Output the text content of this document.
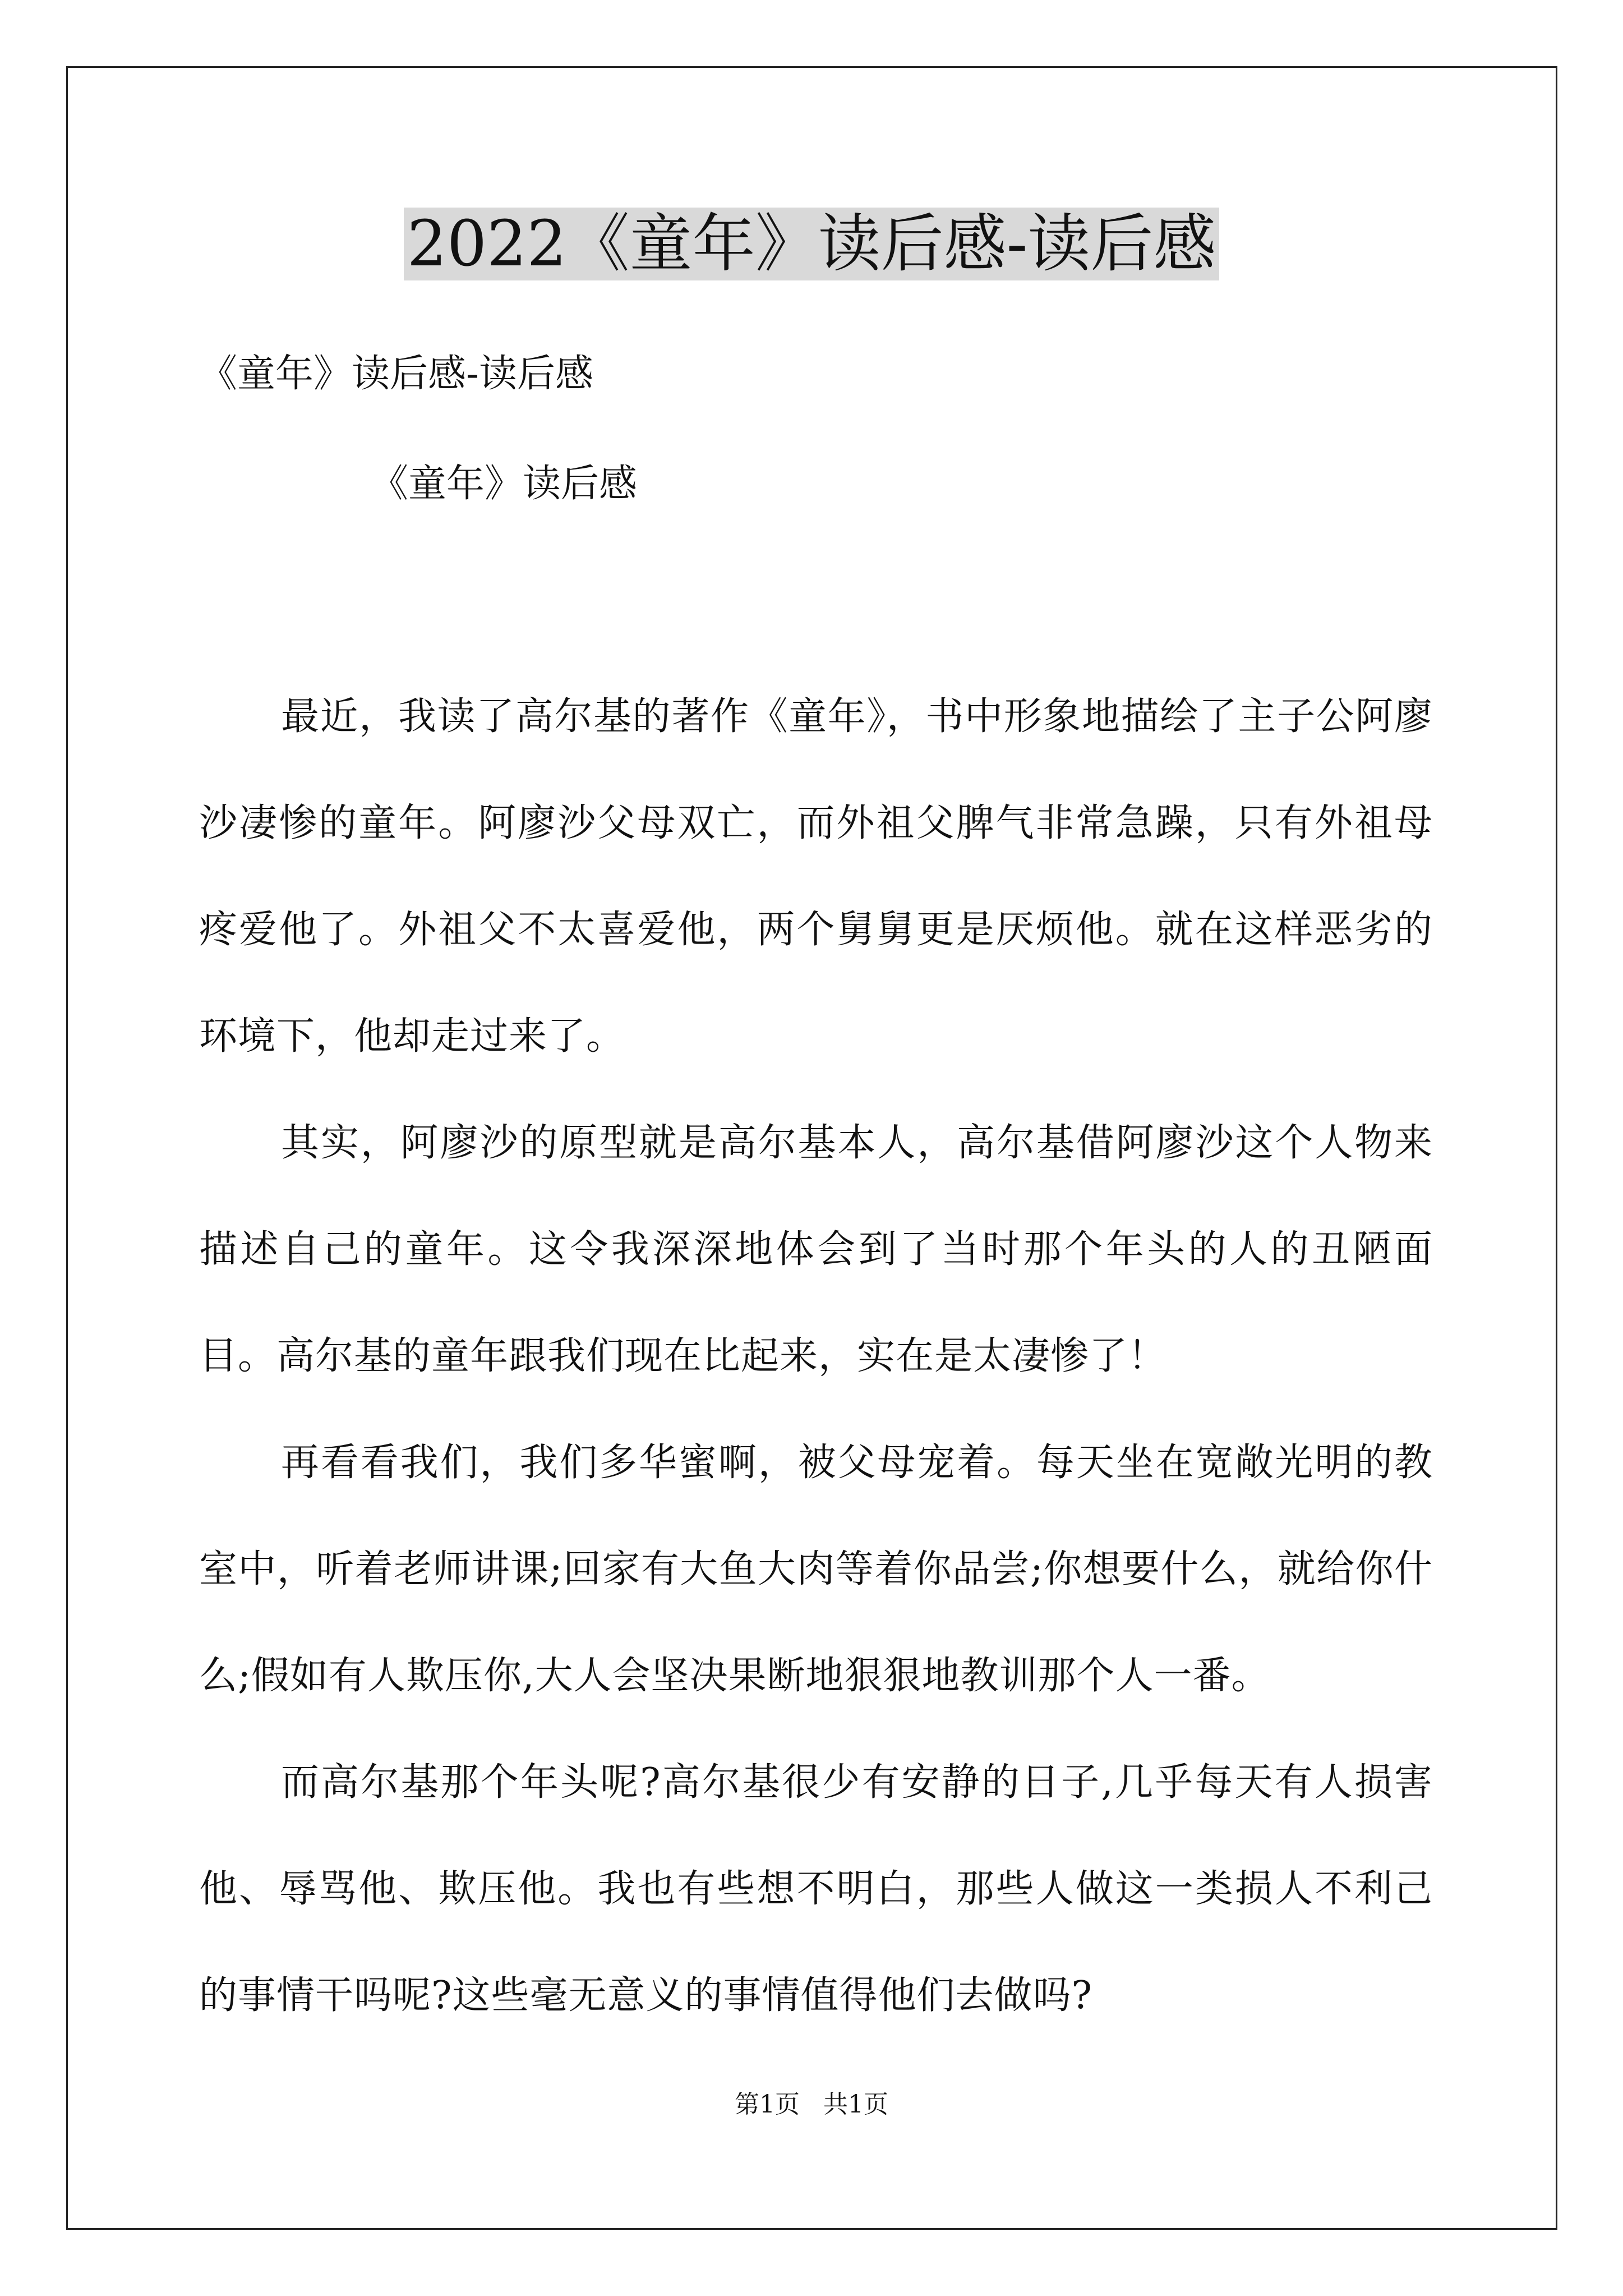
2022《童年》读后感-读后感

《童年》读后感-读后感

《童年》读后感

最近，我读了高尔基的著作《童年》，书中形象地描绘了主子公阿廖沙凄惨的童年。阿廖沙父母双亡，而外祖父脾气非常急躁，只有外祖母疼爱他了。外祖父不太喜爱他，两个舅舅更是厌烦他。就在这样恶劣的环境下，他却走过来了。

其实，阿廖沙的原型就是高尔基本人，高尔基借阿廖沙这个人物来描述自己的童年。这令我深深地体会到了当时那个年头的人的丑陋面目。高尔基的童年跟我们现在比起来，实在是太凄惨了！

再看看我们，我们多华蜜啊，被父母宠着。每天坐在宽敞光明的教室中，听着老师讲课;回家有大鱼大肉等着你品尝;你想要什么，就给你什么;假如有人欺压你,大人会坚决果断地狠狠地教训那个人一番。

而高尔基那个年头呢?高尔基很少有安静的日子,几乎每天有人损害他、辱骂他、欺压他。我也有些想不明白，那些人做这一类损人不利己的事情干吗呢?这些毫无意义的事情值得他们去做吗?

第1页   共1页
